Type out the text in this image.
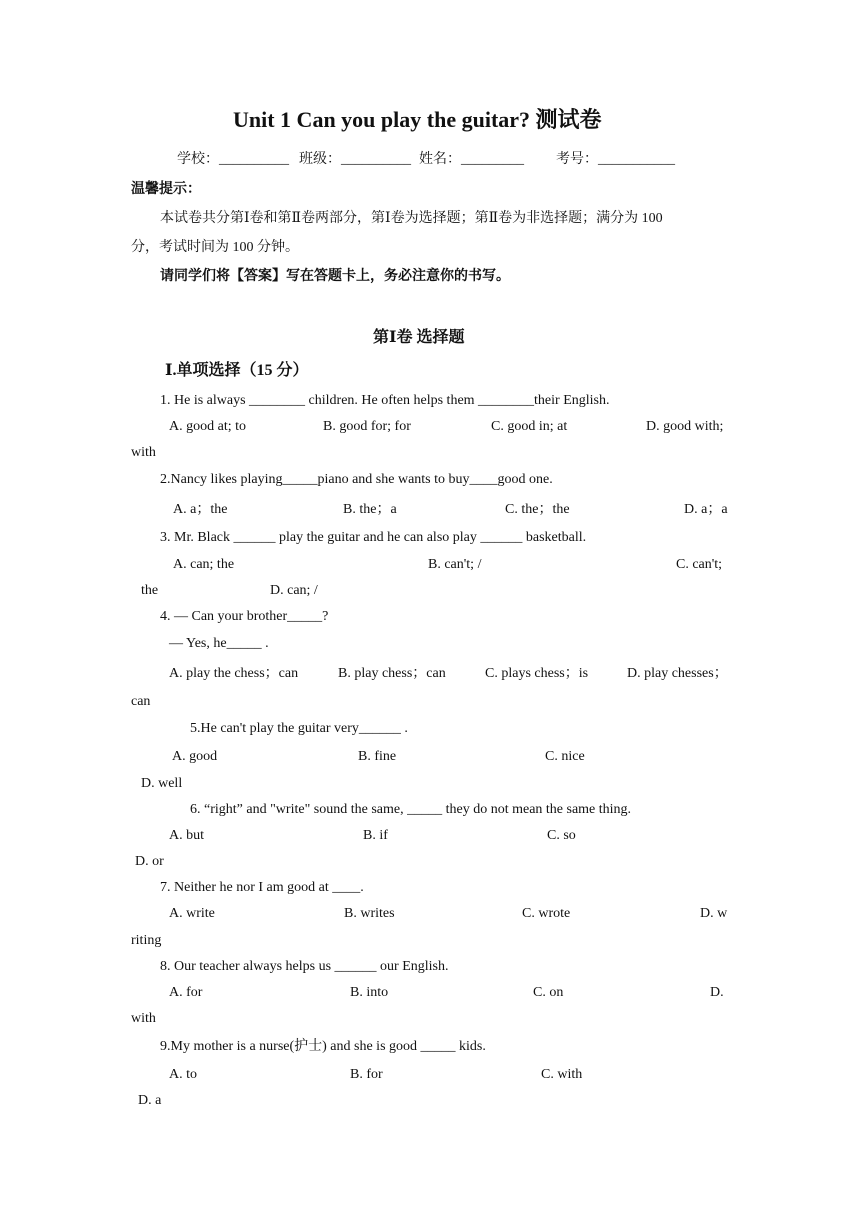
Unit 1 Can you play the guitar? 测试卷
学校：__________ 班级：__________ 姓名：_________ 考号：___________
温馨提示：
本试卷共分第Ⅰ卷和第Ⅱ卷两部分，第Ⅰ卷为选择题；第Ⅱ卷为非选择题；满分为 100
分，考试时间为 100 分钟。
请同学们将【答案】写在答题卡上，务必注意你的书写。
第Ⅰ卷 选择题
Ⅰ.单项选择（15 分）
1. He is always ________ children. He often helps them ________their English.
A. good at; to	B. good for; for	C. good in; at	D. good with;
with
2.Nancy likes playing_____piano and she wants to buy____good one.
A. a；the	B. the；a	C. the；the	D. a；a
3. Mr. Black ______ play the guitar and he can also play ______ basketball.
A. can; the	B. can't; /	C. can't;
the	D. can; /
4. — Can your brother_____?
— Yes, he_____ .
A. play the chess；can	B. play chess；can	C. plays chess；is	D. play chesses；
can
5.He can't play the guitar very______ .
A. good	B. fine	C. nice
D. well
6. “right” and "write" sound the same, _____ they do not mean the same thing.
A. but	B. if	C. so
D. or
7. Neither he nor I am good at ____.
A. write	B. writes	C. wrote	D. w
riting
8. Our teacher always helps us ______ our English.
A. for	B. into	C. on	D.
with
9.My mother is a nurse(护士) and she is good _____ kids.
A. to	B. for	C. with
D. a
